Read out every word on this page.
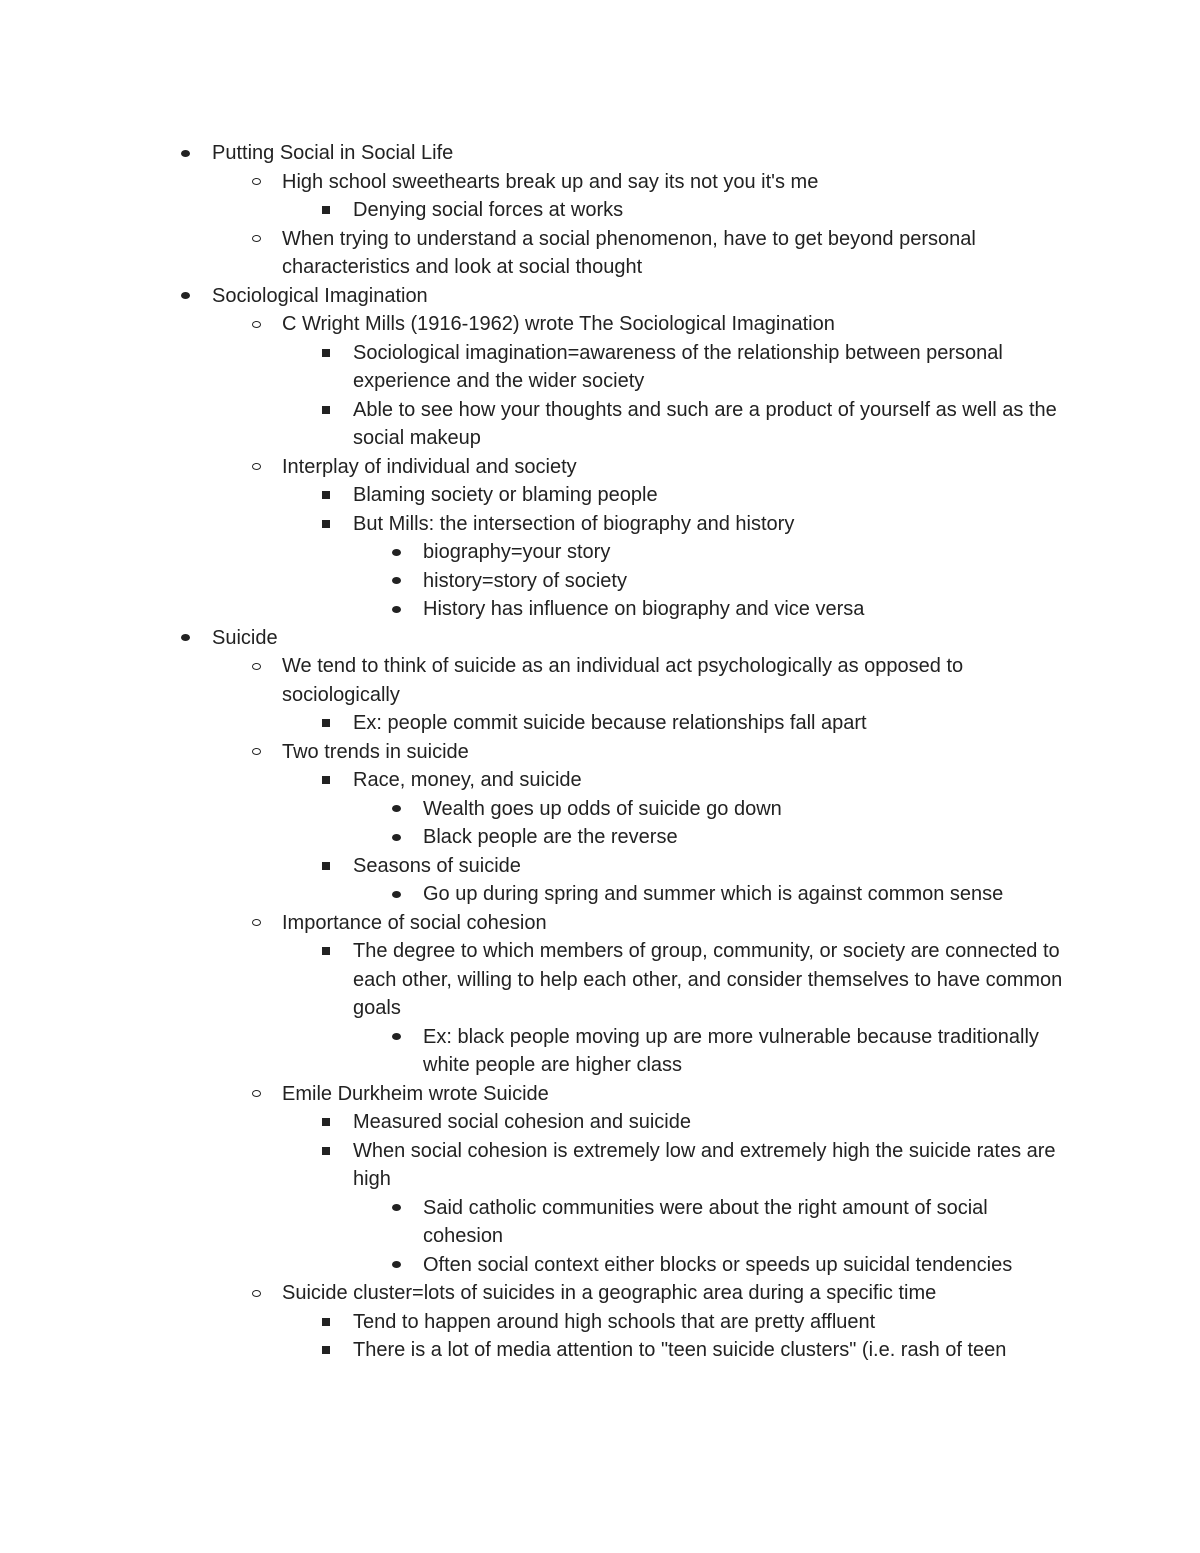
Putting Social in Social Life
High school sweethearts break up and say its not you it's me
Denying social forces at works
When trying to understand a social phenomenon, have to get beyond personal characteristics and look at social thought
Sociological Imagination
C Wright Mills (1916-1962) wrote The Sociological Imagination
Sociological imagination=awareness of the relationship between personal experience and the wider society
Able to see how your thoughts and such are a product of yourself as well as the social makeup
Interplay of individual and society
Blaming society or blaming people
But Mills: the intersection of biography and history
biography=your story
history=story of society
History has influence on biography and vice versa
Suicide
We tend to think of suicide as an individual act psychologically as opposed to sociologically
Ex: people commit suicide because relationships fall apart
Two trends in suicide
Race, money, and suicide
Wealth goes up odds of suicide go down
Black people are the reverse
Seasons of suicide
Go up during spring and summer which is against common sense
Importance of social cohesion
The degree to which members of group, community, or society are connected to each other, willing to help each other, and consider themselves to have common goals
Ex: black people moving up are more vulnerable because traditionally white people are higher class
Emile Durkheim wrote Suicide
Measured social cohesion and suicide
When social cohesion is extremely low and extremely high the suicide rates are high
Said catholic communities were about the right amount of social cohesion
Often social context either blocks or speeds up suicidal tendencies
Suicide cluster=lots of suicides in a geographic area during a specific time
Tend to happen around high schools that are pretty affluent
There is a lot of media attention to "teen suicide clusters" (i.e. rash of teen
